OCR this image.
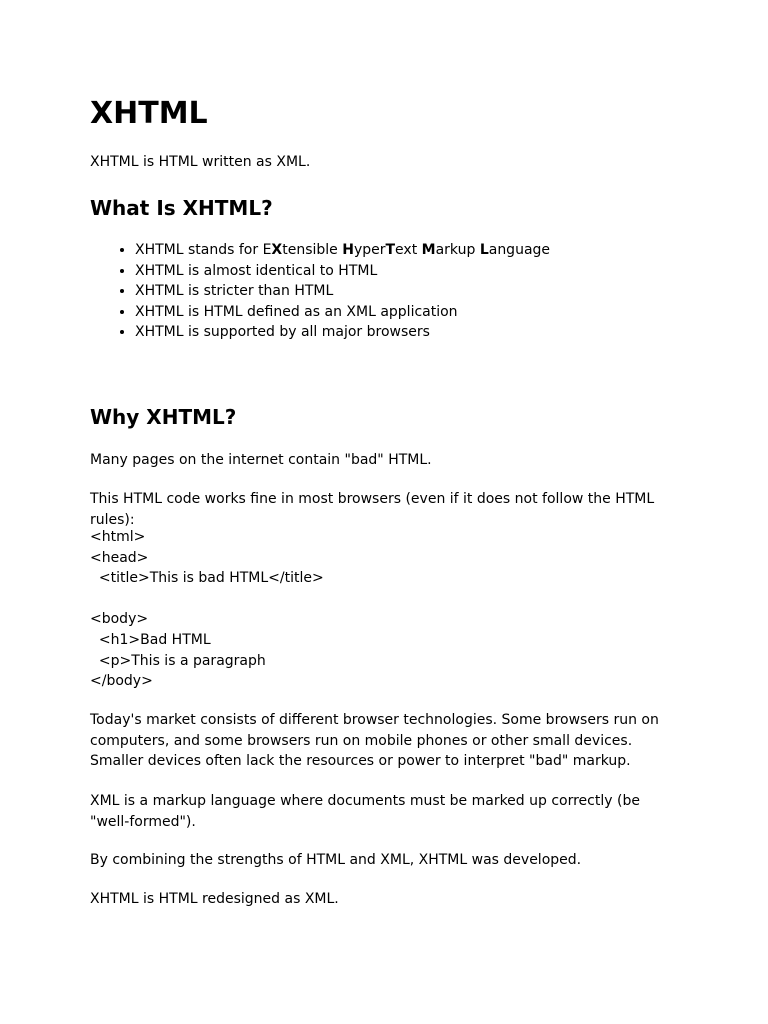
XHTML

XHTML is HTML written as XML.

What Is XHTML?
• XHTML stands for EXtensible HyperText Markup Language
• XHTML is almost identical to HTML
• XHTML is stricter than HTML
• XHTML is HTML defined as an XML application
• XHTML is supported by all major browsers
Why XHTML?

Many pages on the internet contain "bad" HTML.

This HTML code works fine in most browsers (even if it does not follow the HTML rules):

<html>
<head>
<title>This is bad HTML</title>
<body>
<h1>Bad HTML
<p>This is a paragraph
</body>

Today's market consists of different browser technologies. Some browsers run on computers, and some browsers run on mobile phones or other small devices. Smaller devices often lack the resources or power to interpret "bad" markup.

XML is a markup language where documents must be marked up correctly (be "well-formed").

By combining the strengths of HTML and XML, XHTML was developed.

XHTML is HTML redesigned as XML.
